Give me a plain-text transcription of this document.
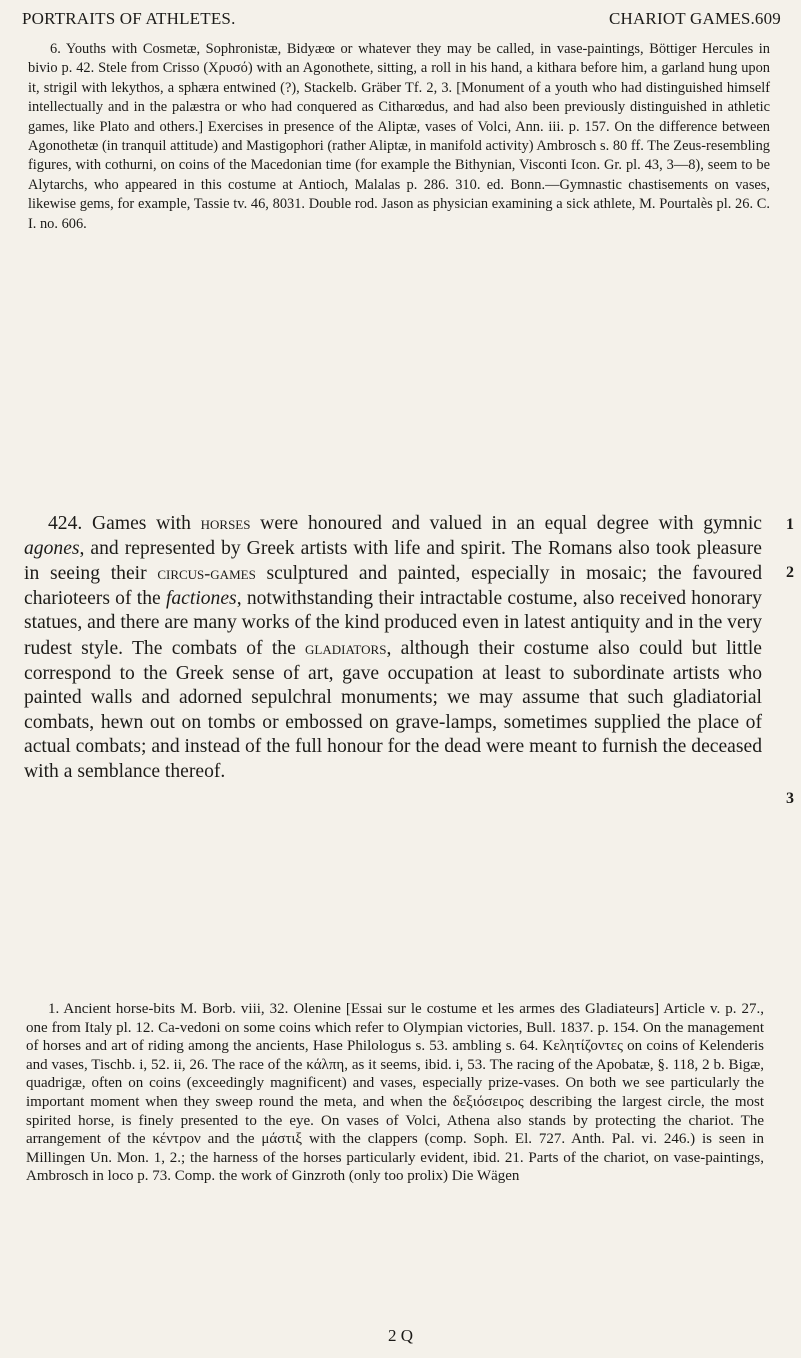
PORTRAITS OF ATHLETES.	CHARIOT GAMES. 609

6. Youths with Cosmetæ, Sophronistæ, Bidyæœ or whatever they may be called, in vase-paintings, Böttiger Hercules in bivio p. 42. Stele from Crisso (Χρυσό) with an Agonothete, sitting, a roll in his hand, a kithara before him, a garland hung upon it, strigil with lekythos, a sphæra entwined (?), Stackelb. Gräber Tf. 2, 3. [Monument of a youth who had distinguished himself intellectually and in the palæstra or who had conquered as Citharœdus, and had also been previously distinguished in athletic games, like Plato and others.] Exercises in presence of the Aliptæ, vases of Volci, Ann. iii. p. 157. On the difference between Agonothetæ (in tranquil attitude) and Mastigophori (rather Aliptæ, in manifold activity) Ambrosch s. 80 ff. The Zeus-resembling figures, with cothurni, on coins of the Macedonian time (for example the Bithynian, Visconti Icon. Gr. pl. 43, 3—8), seem to be Alytarchs, who appeared in this costume at Antioch, Malalas p. 286. 310. ed. Bonn.—Gymnastic chastisements on vases, likewise gems, for example, Tassie tv. 46, 8031. Double rod. Jason as physician examining a sick athlete, M. Pourtalès pl. 26. C. I. no. 606.

424. Games with horses were honoured and valued in an equal degree with gymnic agones, and represented by Greek artists with life and spirit. The Romans also took pleasure in seeing their circus-games sculptured and painted, especially in mosaic; the favoured charioteers of the factiones, notwithstanding their intractable costume, also received honorary statues, and there are many works of the kind produced even in latest antiquity and in the very rudest style. The combats of the gladiators, although their costume also could but little correspond to the Greek sense of art, gave occupation at least to subordinate artists who painted walls and adorned sepulchral monuments; we may assume that such gladiatorial combats, hewn out on tombs or embossed on grave-lamps, sometimes supplied the place of actual combats; and instead of the full honour for the dead were meant to furnish the deceased with a semblance thereof.

1
2
3

1. Ancient horse-bits M. Borb. viii, 32. Olenine [Essai sur le costume et les armes des Gladiateurs] Article v. p. 27., one from Italy pl. 12. Ca-vedoni on some coins which refer to Olympian victories, Bull. 1837. p. 154. On the management of horses and art of riding among the ancients, Hase Philologus s. 53. ambling s. 64. Κελητίζοντες on coins of Kelenderis and vases, Tischb. i, 52. ii, 26. The race of the κάλπη, as it seems, ibid. i, 53. The racing of the Apobatæ, §. 118, 2 b. Bigæ, quadrigæ, often on coins (exceedingly magnificent) and vases, especially prize-vases. On both we see particularly the important moment when they sweep round the meta, and when the δεξιόσειρος describing the largest circle, the most spirited horse, is finely presented to the eye. On vases of Volci, Athena also stands by protecting the chariot. The arrangement of the κέντρον and the μάστιξ with the clappers (comp. Soph. El. 727. Anth. Pal. vi. 246.) is seen in Millingen Un. Mon. 1, 2.; the harness of the horses particularly evident, ibid. 21. Parts of the chariot, on vase-paintings, Ambrosch in loco p. 73. Comp. the work of Ginzroth (only too prolix) Die Wägen

2 Q
